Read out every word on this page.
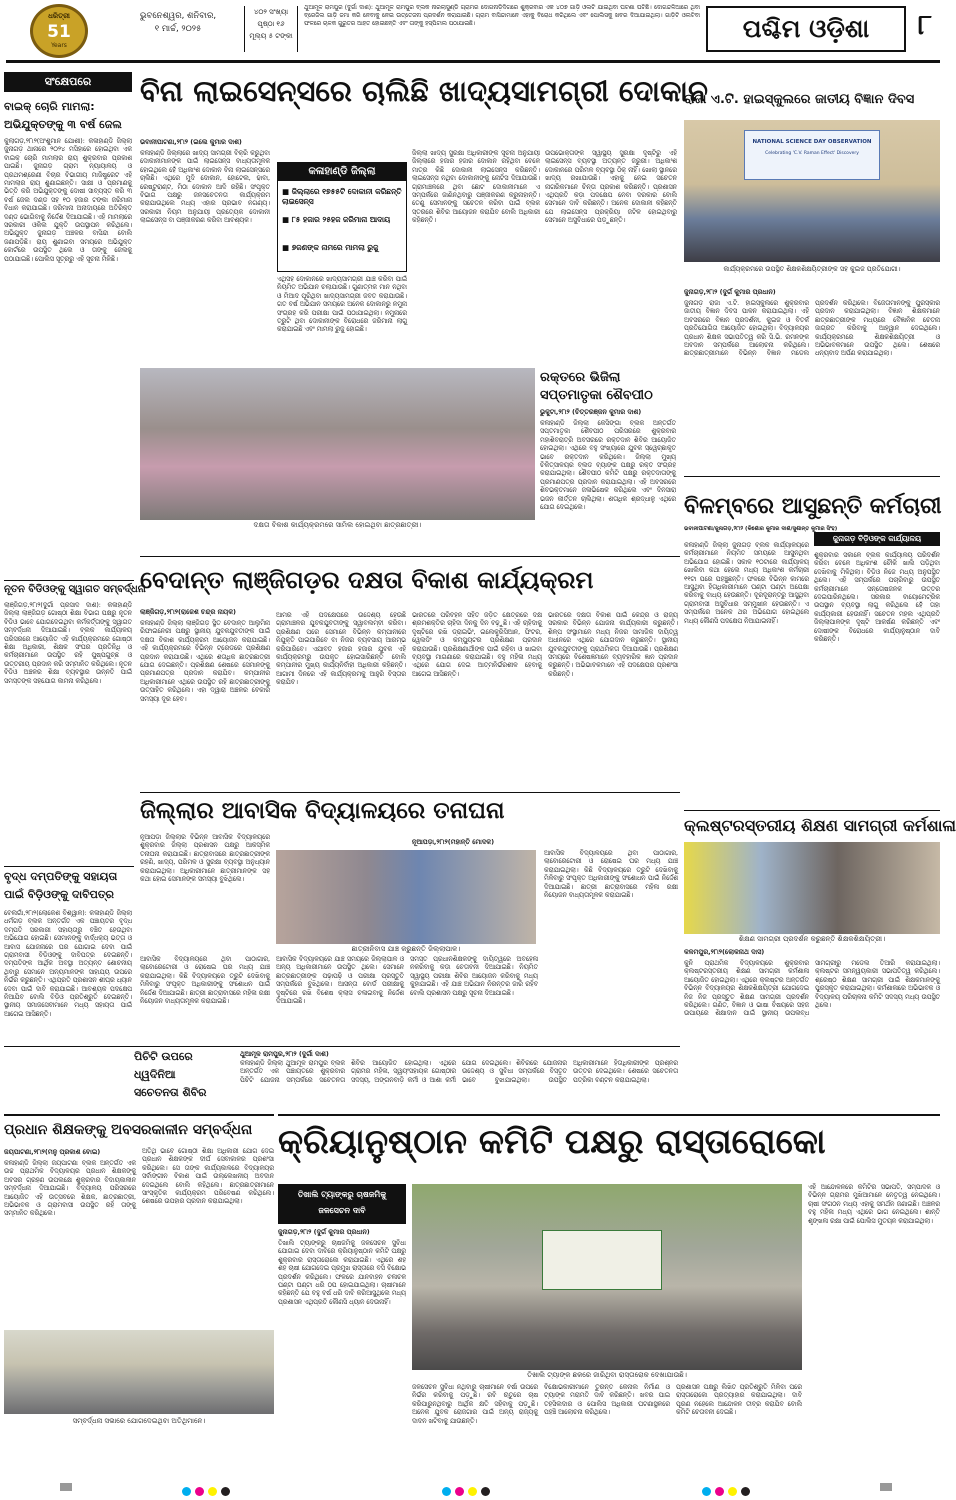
ଧରିତ୍ରୀ
51
Years
ଭୁବନେଶ୍ୱର, ଶନିବାର,
୧ ମାର୍ଚ୍ଚ, ୨୦୨୫
୪୦୨ ସଂଖ୍ୟା
ପୃଷ୍ଠା ୧୬
ମୂଲ୍ୟ ୫ ଟଙ୍କା
ଥୁଆମୂଳ ରାମପୁର (ଦୁର୍ଗା ଦାଶ): ଥୁଆମୂଳ ରାମପୁର ବ୍ଲକ ନାରଲାସୁଣ୍ଡି ଗ୍ରାମର ଦୋଗନାଡ଼ିଦିଗରେ ଶୁକ୍ରବାର ଏକ ୪୦୭ ଗାଡ଼ି ଓଲଟି ଯାଇଥିବା ଘଟଣା ଘଟିଛି। ଦୋଗନ୍ଦଳିଆରେ ଥିବା ବ୍ରେଜିଲ ଗାଡ଼ି ଜମା କରି ନେବାକୁ ନେଇ ଉତ୍ତେଜନା ପ୍ରଦର୍ଶନ କରାଯାଇଛି। ଗ୍ରାମ ବାସିନ୍ଦାମାନେ ଏହାକୁ ବିରୋଧ କରିଥିଲେ ଏବଂ ପୋଲିସକୁ ଖବର ଦିଆଯାଇଥିଲା। ଗାଡ଼ିଟି ଓଲଟିବା ଫଳରେ ଚାଳକ ଗୁରୁତର ଆହତ ହୋଇଛନ୍ତି ଏବଂ ତାଙ୍କୁ ହସ୍ପିଟାଲ ପଠାଯାଇଛି।	ପଶ୍ଚିମ ଓଡ଼ିଶା	୮
ସଂକ୍ଷେପରେ
ବାଇକ୍ ଚୋରି ମାମଲା:
ଅଭିଯୁକ୍ତଙ୍କୁ ୩ ବର୍ଷ ଜେଲ
କୁଲାଗଡ଼,୨୮ା୨(ଅଂଶୁମାନ ଯୋଶୀ): କଳାହାଣ୍ଡି ଜିଲ୍ଲା ଜୁନାଗଡ଼ ଥାନାରେ ୨୦୨୪ ମସିହାରେ ହୋଇଥିବା ଏକ ବାଇକ୍ ଚୋରି ମାମଲାର ରାୟ ଶୁକ୍ରବାର ପ୍ରକାଶ ପାଇଛି। ଜୁନାଗଡ଼ ଗ୍ରାମ ନ୍ୟାୟାଳୟ ଓ ପ୍ରଥମଶ୍ରେଣୀ ବିଚାର ବିଭାଗୀୟ ମାଜିଷ୍ଟ୍ରେଟ ଏହି ମାମଲାର ରାୟ ଶୁଣାଇଛନ୍ତି। ସାକ୍ଷୀ ଓ ପ୍ରମାଣକୁ ଭିତ୍ତି କରି ଅଭିଯୁକ୍ତଙ୍କୁ ଦୋଷୀ ସାବ୍ୟସ୍ତ କରି ୩ ବର୍ଷ ଜେଲ ଦଣ୍ଡ ସହ ୧୦ ହଜାର ଟଙ୍କା ଜରିମାନା ବିଧାନ କରାଯାଇଛି। ଜରିମାନା ଅନାଦାୟରେ ଅତିରିକ୍ତ ଦଣ୍ଡ ଭୋଗିବାକୁ ନିର୍ଦ୍ଦେଶ ଦିଆଯାଇଛି। ଏହି ମାମଲାରେ ସରକାରୀ ଓକିଲ ଯୁକ୍ତି ଉପସ୍ଥାପନ କରିଥିଲେ। ଅଭିଯୁକ୍ତ ଜୁନାଗଡ଼ ଅଞ୍ଚଳର ବାସିନ୍ଦା ବୋଲି ଜଣାପଡ଼ିଛି। ରାୟ ଶୁଣାଇବା ସମୟରେ ଅଭିଯୁକ୍ତ କୋର୍ଟରେ ଉପସ୍ଥିତ ଥିଲେ ଓ ତାଙ୍କୁ ଜେଲକୁ ପଠାଯାଇଛି। ପୋଲିସ ସୂତ୍ରରୁ ଏହି ସୂଚନା ମିଳିଛି।
ନୂତନ ବିଡିଓଙ୍କୁ ସ୍ୱାଗତ ସମ୍ବର୍ଦ୍ଧନା
ଲାଞ୍ଜିଗଡ଼,୨୮ା୨(ଦୁର୍ଗା ପ୍ରସାଦ ଦାଶ): କଳାହାଣ୍ଡି ଜିଲ୍ଲା ଲାଞ୍ଜିଗଡ଼ ଗୋଷ୍ଠୀ ଶିକ୍ଷା ବିଭାଗ ପକ୍ଷରୁ ନୂତନ ବିଡିଓ ଭାବେ ଯୋଗଦେଇଥିବା କର୍ମକର୍ତ୍ତାଙ୍କୁ ସ୍ୱାଗତ ସମ୍ବର୍ଦ୍ଧନା ଦିଆଯାଇଛି। ବ୍ଲକ କାର୍ଯ୍ୟାଳୟ ପରିସରରେ ଆୟୋଜିତ ଏହି କାର୍ଯ୍ୟକ୍ରମରେ ଗୋଷ୍ଠୀ ଶିକ୍ଷା ଅଧିକାରୀ, ଶିକ୍ଷକ ସଂଘର ପ୍ରତିନିଧି ଓ କର୍ମଚାରୀମାନେ ଉପସ୍ଥିତ ରହି ପୁଷ୍ପଗୁଚ୍ଛ ଓ ଉତ୍ତରୀୟ ପ୍ରଦାନ କରି ସମ୍ମାନିତ କରିଥିଲେ। ନୂତନ ବିଡିଓ ଅଞ୍ଚଳର ଶିକ୍ଷା ବ୍ୟବସ୍ଥାର ଉନ୍ନତି ପାଇଁ ସମସ୍ତଙ୍କ ସହଯୋଗ କାମନା କରିଥିଲେ।
ବୃଦ୍ଧ ଦମ୍ପତିଙ୍କୁ ସହାୟତା
ପାଇଁ ବିଡ଼ିଓଙ୍କୁ ଦାବିପତ୍ର
ବେଲଗାଁ,୨୮ା୨(ଲୋକେଶ ବିଶ୍ୱାଳ): କଳାହାଣ୍ଡି ଜିଲ୍ଲା ଧର୍ମଗଡ଼ ବ୍ଲକ ଅନ୍ତର୍ଗତ ଏକ ପଞ୍ଚାୟତର ବୃଦ୍ଧ ଦମ୍ପତି ସରକାରୀ ସହାୟତାରୁ ବଞ୍ଚିତ ହେଉଥିବା ଅଭିଯୋଗ ହୋଇଛି। ସେମାନଙ୍କୁ ବାର୍ଦ୍ଧକ୍ୟ ଭତ୍ତା ଓ ଆବାସ ଯୋଜନାରେ ଘର ଯୋଗାଇ ଦେବା ପାଇଁ ଗ୍ରାମବାସୀ ବିଡ଼ିଓଙ୍କୁ ଦାବିପତ୍ର ଦେଇଛନ୍ତି। ଦମ୍ପତିଙ୍କ ଆର୍ଥିକ ଅବସ୍ଥା ଅତ୍ୟନ୍ତ ଶୋଚନୀୟ ଥିବାରୁ ସେମାନେ ଅନ୍ୟମାନଙ୍କ ସାହାଯ୍ୟ ଉପରେ ନିର୍ଭର କରୁଛନ୍ତି। ଏଥିପ୍ରତି ପ୍ରଶାସନ ଶୀଘ୍ର ଧ୍ୟାନ ଦେବା ପାଇଁ ଦାବି କରାଯାଇଛି। ଆବଶ୍ୟକ ପଦକ୍ଷେପ ନିଆଯିବ ବୋଲି ବିଡ଼ିଓ ପ୍ରତିଶ୍ରୁତି ଦେଇଛନ୍ତି। ସ୍ଥାନୀୟ ସମାଜସେବୀମାନେ ମଧ୍ୟ ସହାୟତା ପାଇଁ ଆଗେଇ ଆସିଛନ୍ତି।
ବିନା ଲାଇସେନ୍ସରେ ଚାଲିଛି ଖାଦ୍ୟସାମଗ୍ରୀ ଦୋକାନ
ଭବାନୀପାଟଣା,୨୮ା୨ (ଇଲେ କୁମାର ଦାଶ)
କଳାହାଣ୍ଡି ଜିଲ୍ଲାରେ ଖାଦ୍ୟ ସାମଗ୍ରୀ ବିକ୍ରି କରୁଥିବା ଦୋକାନୀମାନଙ୍କ ପାଇଁ ଲାଇସେନ୍ସ ବାଧ୍ୟତାମୂଳକ ହୋଇଥିଲେ ହେଁ ଅଧିକାଂଶ ଦୋକାନ ବିନା ଲାଇସେନ୍ସରେ ଚାଲିଛି। ଏଥିରେ ମୁଦି ଦୋକାନ, ହୋଟେଲ, ଢାବା, ରେଷ୍ଟୁରାଣ୍ଟ, ମିଠା ଦୋକାନ ଆଦି ରହିଛି। ସଂପୃକ୍ତ ବିଭାଗ ପକ୍ଷରୁ ଜନସଚେତନତା କାର୍ଯ୍ୟକ୍ରମ କରାଯାଉଥିଲେ ମଧ୍ୟ ଏହାର ପ୍ରଭାବ ନଗଣ୍ୟ। ସରକାରୀ ନିୟମ ଅନୁଯାୟୀ ପ୍ରତ୍ୟେକ ଦୋକାନୀ ଲାଇସେନ୍ସ ବା ପଞ୍ଜୀକରଣ କରିବା ଆବଶ୍ୟକ।
କଳାହାଣ୍ଡି ଜିଲ୍ଲା
■ ଜିଲ୍ଲାରେ ୧୭୫୫ଟି ଦୋକାନୀ କରିଛନ୍ତି ଲାଇସେନ୍ସ
■ ୮୫ ହଜାର ୨୫ହଜ ଜରିମାନା ଆଦାୟ
■ ୭ଜଣଙ୍କ ନାମରେ ମାମଲା ରୁଜୁ
ଏଥିସହ ଦୋକାନରେ ଖାଦ୍ୟସାମଗ୍ରୀ ଯାଞ୍ଚ କରିବା ପାଇଁ ନିୟମିତ ଅଭିଯାନ ଚଲାଯାଉଛି। ଗୁଣାତ୍ମକ ମାନ ନଥିବା ଓ ମିଆଦ ପୂରିଥିବା ଖାଦ୍ୟସାମଗ୍ରୀ ଜବତ କରାଯାଉଛି। ଗତ ବର୍ଷ ଅଭିଯାନ ସମୟରେ ଅନେକ ଦୋକାନରୁ ନମୁନା ସଂଗ୍ରହ କରି ପରୀକ୍ଷା ପାଇଁ ପଠାଯାଇଥିଲା। ନମୁନାରେ ତ୍ରୁଟି ଥିବା ଦୋକାନୀଙ୍କ ବିରୋଧରେ ଜରିମାନା ଲାଗୁ କରାଯାଇଛି ଏବଂ ମାମଲା ରୁଜୁ ହୋଇଛି।
ଜିଲ୍ଲା ଖାଦ୍ୟ ସୁରକ୍ଷା ଅଧିକାରୀଙ୍କ ସୂଚନା ଅନୁଯାୟୀ ଜିଲ୍ଲାରେ ହଜାର ହଜାର ଦୋକାନ ରହିଥିବା ବେଳେ ମାତ୍ର କିଛି ଦୋକାନୀ ଲାଇସେନ୍ସ କରିଛନ୍ତି। ଲାଇସେନ୍ସ ନଥିବା ଦୋକାନୀଙ୍କୁ ନୋଟିସ ଦିଆଯାଉଛି। ଗ୍ରାମାଞ୍ଚଳରେ ଥିବା ଛୋଟ ଦୋକାନୀମାନେ ଏ ସମ୍ପର୍କରେ ଜାଣିନଥିବାରୁ ପଞ୍ଜୀକରଣ କରୁନାହାନ୍ତି। ତେଣୁ ସେମାନଙ୍କୁ ସଚେତନ କରିବା ପାଇଁ ବ୍ଲକ ସ୍ତରରେ ଶିବିର ଆୟୋଜନ କରାଯିବ ବୋଲି ଅଧିକାରୀ କହିଛନ୍ତି।
ଉପଭୋକ୍ତାଙ୍କ ସ୍ୱାସ୍ଥ୍ୟ ସୁରକ୍ଷା ଦୃଷ୍ଟିରୁ ଏହି ଲାଇସେନ୍ସ ବ୍ୟବସ୍ଥା ଅତ୍ୟନ୍ତ ଜରୁରୀ। ଅଧିକାଂଶ ଦୋକାନରେ ପରିମଳ ବ୍ୟବସ୍ଥା ଠିକ୍ ନାହିଁ। ଖୋଲା ସ୍ଥାନରେ ଖାଦ୍ୟ ରଖାଯାଉଛି। ଏହାକୁ ନେଇ ସଚେତନ ନାଗରିକମାନେ ଚିନ୍ତା ପ୍ରକାଶ କରିଛନ୍ତି। ପ୍ରଶାସନ ଏଥିପ୍ରତି କଡ଼ା ପଦକ୍ଷେପ ନେବା ଦରକାର ବୋଲି ସେମାନେ ଦାବି କରିଛନ୍ତି। ଅନେକ ଦୋକାନୀ କହିଛନ୍ତି ଯେ ଲାଇସେନ୍ସ ପ୍ରକ୍ରିୟା ଜଟିଳ ହୋଇଥିବାରୁ ସେମାନେ ଅସୁବିଧାରେ ପଡ଼ୁଛନ୍ତି।
ଦକ୍ଷତା ବିକାଶ କାର୍ଯ୍ୟକ୍ରମରେ ସାମିଲ ହୋଇଥିବା ଛାତ୍ରଛାତ୍ରୀ।
ରକ୍ତରେ ଭିଜିଲା
ସପ୍ତମାତୃକା ଶୈବପୀଠ
ଭୁକୁଟା,୨୮ା୨ (ଚିତ୍ତରଞ୍ଜନ କୁମାର ଦାଶ)
କଳାହାଣ୍ଡି ଜିଲ୍ଲା କେସିଙ୍ଗା ବ୍ଲକ ଅନ୍ତର୍ଗତ ସପ୍ତମାତୃକା ଶୈବପୀଠ ପରିସରରେ ଶୁକ୍ରବାର ମହାଶିବରାତ୍ରି ଅବସରରେ ରକ୍ତଦାନ ଶିବିର ଆୟୋଜିତ ହୋଇଥିଲା। ଏଥିରେ ବହୁ ସଂଖ୍ୟାରେ ଯୁବକ ସ୍ୱେଚ୍ଛାକୃତ ଭାବେ ରକ୍ତଦାନ କରିଥିଲେ। ଜିଲ୍ଲା ମୁଖ୍ୟ ଚିକିତ୍ସାଳୟର ବ୍ଲଡ ବ୍ୟାଙ୍କ ପକ୍ଷରୁ ରକ୍ତ ସଂଗ୍ରହ କରାଯାଇଥିଲା। ଶୈବପୀଠ କମିଟି ପକ୍ଷରୁ ରକ୍ତଦାତାଙ୍କୁ ପ୍ରମାଣପତ୍ର ପ୍ରଦାନ କରାଯାଇଥିଲା। ଏହି ଅବସରରେ ଶିବଭକ୍ତମାନେ ଜଳାଭିଷେକ କରିଥିଲେ ଏବଂ ଦିନସାରା ଭଜନ କୀର୍ତ୍ତନ ଚାଲିଥିଲା। ଶତାଧିକ ଶ୍ରଦ୍ଧାଳୁ ଏଥିରେ ଯୋଗ ଦେଇଥିଲେ।
ରାଜା ଏ.ଟି. ହାଇସ୍କୁଲରେ ଜାତୀୟ ବିଜ୍ଞାନ ଦିବସ
NATIONAL SCIENCE DAY OBSERVATION
Celebrating 'C.V. Raman Effect' Discovery
କାର୍ଯ୍ୟକ୍ରମରେ ଉପସ୍ଥିତ ଶିକ୍ଷକଶିକ୍ଷୟିତ୍ରୀଙ୍କ ସହ କୁଇଜ ପ୍ରତିଯୋଗୀ।
ଜୁନାଗଡ଼,୨୮ା୨ (ଦୁର୍ଗ କୁମାର ପ୍ରଧାନ)
ଜୁନାଗଡ଼ ରାଜା ଏ.ଟି. ହାଇସ୍କୁଲରେ ଶୁକ୍ରବାର ଜାତୀୟ ବିଜ୍ଞାନ ଦିବସ ପାଳନ କରାଯାଇଥିଲା। ଏହି ଅବସରରେ ବିଜ୍ଞାନ ପ୍ରଦର୍ଶନୀ, କୁଇଜ ଓ ବିତର୍କ ପ୍ରତିଯୋଗିତା ଆୟୋଜିତ ହୋଇଥିଲା। ବିଦ୍ୟାଳୟର ପ୍ରଧାନ ଶିକ୍ଷକ ସଭାପତିତ୍ୱ କରି ସି.ଭି. ରମନଙ୍କ ଅବଦାନ ସମ୍ପର୍କରେ ଆଲୋଚନା କରିଥିଲେ। ଛାତ୍ରଛାତ୍ରୀମାନେ ବିଭିନ୍ନ ବିଜ୍ଞାନ ମଡେଲ ପ୍ରଦର୍ଶନ କରିଥିଲେ। ବିଜେତାମାନଙ୍କୁ ପୁରସ୍କାର ପ୍ରଦାନ କରାଯାଇଥିଲା। ବିଜ୍ଞାନ ଶିକ୍ଷକମାନେ ଛାତ୍ରଛାତ୍ରୀଙ୍କ ମଧ୍ୟରେ ବୈଜ୍ଞାନିକ ଚେତନା ଜାଗ୍ରତ କରିବାକୁ ଆହ୍ୱାନ ଦେଇଥିଲେ। କାର୍ଯ୍ୟକ୍ରମରେ ଶିକ୍ଷକଶିକ୍ଷୟିତ୍ରୀ ଓ ଅଭିଭାବକମାନେ ଉପସ୍ଥିତ ଥିଲେ। ଶେଷରେ ଧନ୍ୟବାଦ ଅର୍ପଣ କରାଯାଇଥିଲା।
ବିଳମ୍ବରେ ଆସୁଛନ୍ତି କର୍ମଚାରୀ
ଭବାନୀପାଟଣା/ଜୁନାଗଡ଼,୨୮ା୨ (କିଶୋର କୁମାର ଦାଶ/ସୁଶାନ୍ତ କୁମାର ସିଂହ)
ଜୁନାଗଡ଼ ବିଡ଼ିଓଙ୍କ କାର୍ଯ୍ୟାଳୟ
କଳାହାଣ୍ଡି ଜିଲ୍ଲା ଜୁନାଗଡ଼ ବ୍ଲକ କାର୍ଯ୍ୟାଳୟରେ କର୍ମଚାରୀମାନେ ନିୟମିତ ସମୟରେ ଆସୁନଥିବା ଅଭିଯୋଗ ହୋଇଛି। ସକାଳ ୧୦ଟାରେ କାର୍ଯ୍ୟାଳୟ ଖୋଲିବା କଥା ହେଲେ ମଧ୍ୟ ଅଧିକାଂଶ କର୍ମଚାରୀ ୧୧ଟା ପରେ ପହଞ୍ଚୁଛନ୍ତି। ଫଳରେ ବିଭିନ୍ନ କାମରେ ଆସୁଥିବା ହିତାଧିକାରୀମାନେ ଘଣ୍ଟା ଘଣ୍ଟା ଅପେକ୍ଷା କରିବାକୁ ବାଧ୍ୟ ହେଉଛନ୍ତି। ଦୂରଦୂରାନ୍ତରୁ ଆସୁଥିବା ଗ୍ରାମବାସୀ ଅସୁବିଧାର ସମ୍ମୁଖୀନ ହେଉଛନ୍ତି। ଏ ସମ୍ପର୍କରେ ଅନେକ ଥର ଅଭିଯୋଗ ହୋଇଥିଲେ ମଧ୍ୟ କୌଣସି ପଦକ୍ଷେପ ନିଆଯାଇନାହିଁ।
ଶୁକ୍ରବାର ସକାଳେ ବ୍ଲକ କାର୍ଯ୍ୟାଳୟ ପରିଦର୍ଶନ କରିବା ବେଳେ ଅଧିକାଂଶ ଚୌକି ଖାଲି ପଡ଼ିଥିବା ଦେଖିବାକୁ ମିଳିଥିଲା। ବିଡ଼ିଓ ନିଜେ ମଧ୍ୟ ଅନୁପସ୍ଥିତ ଥିଲେ। ଏହି ସମ୍ପର୍କରେ ପଚାରିବାରୁ ଉପସ୍ଥିତ କର୍ମଚାରୀମାନେ ସନ୍ତୋଷଜନକ ଉତ୍ତର ଦେଇପାରିନଥିଲେ। ସରକାର ବାୟୋମେଟ୍ରିକ ଉପସ୍ଥାନ ବ୍ୟବସ୍ଥା ଲାଗୁ କରିଥିଲେ ହେଁ ତାହା କାର୍ଯ୍ୟକାରୀ ହେଉନାହିଁ। ସଚେତନ ମହଲ ଏଥିପ୍ରତି ଜିଲ୍ଲାପାଳଙ୍କ ଦୃଷ୍ଟି ଆକର୍ଷଣ କରିଛନ୍ତି ଏବଂ ଦୋଷୀଙ୍କ ବିରୋଧରେ କାର୍ଯ୍ୟାନୁଷ୍ଠାନ ଦାବି କରିଛନ୍ତି।
ବେଦାନ୍ତ ଲାଞ୍ଜିଗଡ଼ର ଦକ୍ଷତା ବିକାଶ କାର୍ଯ୍ୟକ୍ରମ
ଲାଞ୍ଜିଗଡ଼,୨୮ା୨(ରାଜେଶ ଚନ୍ଦ୍ର ନାୟକ)
କଳାହାଣ୍ଡି ଜିଲ୍ଲା ଲାଞ୍ଜିଗଡ଼ ସ୍ଥିତ ବେଦାନ୍ତ ଆଲୁମିନା ରିଫାଇନେରୀ ପକ୍ଷରୁ ସ୍ଥାନୀୟ ଯୁବକଯୁବତୀଙ୍କ ପାଇଁ ଦକ୍ଷତା ବିକାଶ କାର୍ଯ୍ୟକ୍ରମ ଆୟୋଜନ କରାଯାଇଛି। ଏହି କାର୍ଯ୍ୟକ୍ରମରେ ବିଭିନ୍ନ ଟ୍ରେଡରେ ପ୍ରଶିକ୍ଷଣ ପ୍ରଦାନ କରାଯାଉଛି। ଏଥିରେ ଶତାଧିକ ଛାତ୍ରଛାତ୍ରୀ ଯୋଗ ଦେଇଛନ୍ତି। ପ୍ରଶିକ୍ଷଣ ଶେଷରେ ସେମାନଙ୍କୁ ପ୍ରମାଣପତ୍ର ପ୍ରଦାନ କରାଯିବ। କମ୍ପାନୀର ଅଧିକାରୀମାନେ ଏଥିରେ ଉପସ୍ଥିତ ରହି ଛାତ୍ରଛାତ୍ରୀଙ୍କୁ ଉତ୍ସାହିତ କରିଥିଲେ। ଏହା ଦ୍ୱାରା ଅଞ୍ଚଳର ବେକାରି ସମସ୍ୟା ଦୂର ହେବ।
ଆମର ଏହି ପଦକ୍ଷେପରେ ଉଦ୍ଦେଶ୍ୟ ହେଉଛି ଗ୍ରାମାଞ୍ଚଳର ଯୁବକଯୁବତୀଙ୍କୁ ସ୍ୱାବଲମ୍ବୀ କରିବା। ପ୍ରଶିକ୍ଷଣ ପରେ ସେମାନେ ବିଭିନ୍ନ କମ୍ପାନୀରେ ନିଯୁକ୍ତି ପାଇପାରିବେ ବା ନିଜର ବ୍ୟବସାୟ ଆରମ୍ଭ କରିପାରିବେ। ଏଯାବତ ହଜାର ହଜାର ଯୁବକ ଏହି କାର୍ଯ୍ୟକ୍ରମରୁ ଉପକୃତ ହୋଇସାରିଛନ୍ତି ବୋଲି କମ୍ପାନୀର ମୁଖ୍ୟ କାର୍ଯ୍ୟନିର୍ବାହୀ ଅଧିକାରୀ କହିଛନ୍ତି। ଆଗାମୀ ଦିନରେ ଏହି କାର୍ଯ୍ୟକ୍ରମକୁ ଆହୁରି ବିସ୍ତାର କରାଯିବ।
ଭାରତରେ ପରିବହନ ସହିତ ଜଡ଼ିତ କ୍ଷେତ୍ରରେ ଦକ୍ଷ ଶ୍ରମଶକ୍ତିର ଚାହିଦା ଦିନକୁ ଦିନ ବଢ଼ୁଛି। ଏହି ଚାହିଦାକୁ ଦୃଷ୍ଟିରେ ରଖି ଡ୍ରାଇଭିଂ, ଇଲେକ୍ଟ୍ରିସିଆନ, ଫିଟର, ୱେଲଡିଂ ଓ କମ୍ପ୍ୟୁଟର ପ୍ରଶିକ୍ଷଣ ପ୍ରଦାନ କରାଯାଉଛି। ପ୍ରଶିକ୍ଷଣାର୍ଥୀଙ୍କ ପାଇଁ ରହିବା ଓ ଖାଇବା ବ୍ୟବସ୍ଥା ମାଗଣାରେ କରାଯାଇଛି। ବହୁ ମହିଳା ମଧ୍ୟ ଏଥିରେ ଯୋଗ ଦେଇ ଆତ୍ମନିର୍ଭରଶୀଳ ହେବାକୁ ଆଗେଇ ଆସିଛନ୍ତି।
ଭାରତରେ ଦକ୍ଷତା ବିକାଶ ପାଇଁ କେନ୍ଦ୍ର ଓ ରାଜ୍ୟ ସରକାର ବିଭିନ୍ନ ଯୋଜନା କାର୍ଯ୍ୟକାରୀ କରୁଛନ୍ତି। ଶିଳ୍ପ ସଂସ୍ଥାମାନେ ମଧ୍ୟ ନିଜର ସାମାଜିକ ଦାୟିତ୍ୱ ଅଧୀନରେ ଏଥିରେ ଯୋଗଦାନ କରୁଛନ୍ତି। ସ୍ଥାନୀୟ ଯୁବକଯୁବତୀଙ୍କୁ ପ୍ରାଥମିକତା ଦିଆଯାଉଛି। ପ୍ରଶିକ୍ଷଣ ସମୟରେ ବିଶେଷଜ୍ଞମାନେ ବ୍ୟବହାରିକ ଜ୍ଞାନ ପ୍ରଦାନ କରୁଛନ୍ତି। ଅଭିଭାବକମାନେ ଏହି ପଦକ୍ଷେପର ପ୍ରଶଂସା କରିଛନ୍ତି।
ଜିଲ୍ଲାର ଆବାସିକ ବିଦ୍ୟାଳୟରେ ତନାଘନା
ନୂଆପଡ଼ା,୨୮ା୨(ମହାନ୍ତି ମୋଦକ)
ନୂଆପଡ଼ା ଜିଲ୍ଲାର ବିଭିନ୍ନ ଆବାସିକ ବିଦ୍ୟାଳୟରେ ଶୁକ୍ରବାର ଜିଲ୍ଲା ପ୍ରଶାସନ ପକ୍ଷରୁ ଆକସ୍ମିକ ତନାଘନା କରାଯାଇଛି। ଛାତ୍ରାବାସରେ ଛାତ୍ରଛାତ୍ରୀଙ୍କ ରହଣି, ଖାଦ୍ୟ, ପରିମଳ ଓ ସୁରକ୍ଷା ବ୍ୟବସ୍ଥା ଅନୁଧ୍ୟାନ କରାଯାଇଥିଲା। ଅଧିକାରୀମାନେ ଛାତ୍ରୀମାନଙ୍କ ସହ କଥା ହୋଇ ସେମାନଙ୍କ ସମସ୍ୟା ବୁଝିଥିଲେ।
ଛାତ୍ରୀନିବାସ ଯାଞ୍ଚ କରୁଛନ୍ତି ଜିଲ୍ଲାପାଳ।
ଆବାସିକ ବିଦ୍ୟାଳୟରେ ଥିବା ପାଠାଗାର, ଲାବୋରେଟୋରୀ ଓ ରୋଷେଇ ଘର ମଧ୍ୟ ଯାଞ୍ଚ କରାଯାଇଥିଲା। କିଛି ବିଦ୍ୟାଳୟରେ ତ୍ରୁଟି ଦେଖିବାକୁ ମିଳିବାରୁ ସଂପୃକ୍ତ ଅଧିକାରୀଙ୍କୁ ସଂଶୋଧନ ପାଇଁ ନିର୍ଦ୍ଦେଶ ଦିଆଯାଇଛି। ଛାତ୍ରୀ ଛାତ୍ରାବାସରେ ମହିଳା ରକ୍ଷୀ ନିୟୋଜନ ବାଧ୍ୟତାମୂଳକ କରାଯାଇଛି।
ଆବାସିକ ବିଦ୍ୟାଳୟରେ ଯାଞ୍ଚ ସମୟରେ ଜିଲ୍ଲାପାଳ ଓ ଅନ୍ୟ ଅଧିକାରୀମାନେ ଉପସ୍ଥିତ ଥିଲେ। ସେମାନେ ଛାତ୍ରଛାତ୍ରୀଙ୍କ ପଢ଼ାପଢ଼ି ଓ ପରୀକ୍ଷା ପ୍ରସ୍ତୁତି ସମ୍ପର୍କରେ ବୁଝିଥିଲେ। ଆସନ୍ତା ବୋର୍ଡ ପରୀକ୍ଷାକୁ ଦୃଷ୍ଟିରେ ରଖି ବିଶେଷ କ୍ଲାସ ଚଳାଇବାକୁ ନିର୍ଦ୍ଦେଶ ଦିଆଯାଇଛି।
ସମସ୍ତ ପ୍ରଧାନଶିକ୍ଷକଙ୍କୁ ଦାୟିତ୍ୱରେ ଅବହେଳା ନକରିବାକୁ କଡ଼ା ଚେତାବନୀ ଦିଆଯାଇଛି। ନିୟମିତ ସ୍ୱାସ୍ଥ୍ୟ ପରୀକ୍ଷା ଶିବିର ଆୟୋଜନ କରିବାକୁ ମଧ୍ୟ କୁହାଯାଇଛି। ଏହି ଯାଞ୍ଚ ଅଭିଯାନ ନିରନ୍ତର ଜାରି ରହିବ ବୋଲି ପ୍ରଶାସନ ପକ୍ଷରୁ ସୂଚନା ଦିଆଯାଇଛି।
ଆବାସିକ ବିଦ୍ୟାଳୟରେ ଥିବା ପାଠାଗାର, ଲାବୋରେଟୋରୀ ଓ ରୋଷେଇ ଘର ମଧ୍ୟ ଯାଞ୍ଚ କରାଯାଇଥିଲା। କିଛି ବିଦ୍ୟାଳୟରେ ତ୍ରୁଟି ଦେଖିବାକୁ ମିଳିବାରୁ ସଂପୃକ୍ତ ଅଧିକାରୀଙ୍କୁ ସଂଶୋଧନ ପାଇଁ ନିର୍ଦ୍ଦେଶ ଦିଆଯାଇଛି। ଛାତ୍ରୀ ଛାତ୍ରାବାସରେ ମହିଳା ରକ୍ଷୀ ନିୟୋଜନ ବାଧ୍ୟତାମୂଳକ କରାଯାଇଛି।
କ୍ଲଷ୍ଟରସ୍ତରୀୟ ଶିକ୍ଷଣ ସାମଗ୍ରୀ କର୍ମଶାଳା
ଶିକ୍ଷଣ ସାମଗ୍ରୀ ପ୍ରଦର୍ଶନ କରୁଛନ୍ତି ଶିକ୍ଷକଶିକ୍ଷୟିତ୍ରୀ।
କଳମପୁର,୨୮ା୨(ଲୋକନାଥ ଦାସ)
କୁନି ପ୍ରାଥମିକ ବିଦ୍ୟାଳୟରେ ଶୁକ୍ରବାର କ୍ଲଷ୍ଟରସ୍ତରୀୟ ଶିକ୍ଷଣ ସାମଗ୍ରୀ କର୍ମଶାଳା ଆୟୋଜିତ ହୋଇଥିଲା। ଏଥିରେ କ୍ଲଷ୍ଟର ଅନ୍ତର୍ଗତ ବିଭିନ୍ନ ବିଦ୍ୟାଳୟର ଶିକ୍ଷକଶିକ୍ଷୟିତ୍ରୀ ଯୋଗଦେଇ ନିଜ ନିଜ ପ୍ରସ୍ତୁତ ଶିକ୍ଷଣ ସାମଗ୍ରୀ ପ୍ରଦର୍ଶନ କରିଥିଲେ। ଗଣିତ, ବିଜ୍ଞାନ ଓ ଭାଷା ବିଷୟରେ ସହଜ ଉପାୟରେ ଶିକ୍ଷାଦାନ ପାଇଁ ସ୍ଥାନୀୟ ଉପଲବ୍ଧ ସାମଗ୍ରୀରୁ ମଡେଲ ତିଆରି କରାଯାଇଥିଲା। କ୍ଲଷ୍ଟର ସମନ୍ୱୟକାରୀ ସଭାପତିତ୍ୱ କରିଥିଲେ। ଶ୍ରେଷ୍ଠ ଶିକ୍ଷଣ ସାମଗ୍ରୀ ପାଇଁ ଶିକ୍ଷକମାନଙ୍କୁ ପୁରସ୍କୃତ କରାଯାଇଥିଲା। କର୍ମଶାଳାରେ ଅଭିଭାବକ ଓ ବିଦ୍ୟାଳୟ ପରିଚାଳନା କମିଟି ସଦସ୍ୟ ମଧ୍ୟ ଉପସ୍ଥିତ ଥିଲେ।
ପିଚିଟି ଉପରେ
ଧ୍ୱଦିନିଆ
ସଚେତନତା ଶିବିର
ଥୁଆମୂଳ ରାମପୁର,୨୮ା୨ (ଦୁର୍ଗା ଦାଶ)
କଳାହାଣ୍ଡି ଜିଲ୍ଲା ଥୁଆମୂଳ ରାମପୁର ବ୍ଲକ ଅନ୍ତର୍ଗତ ଏକ ପଞ୍ଚାୟତରେ ଶୁକ୍ରବାର ପିଚିଟି ଯୋଜନା ସମ୍ପର୍କରେ ସଚେତନତା ଶିବିର ଆୟୋଜିତ ହୋଇଥିଲା। ଏଥିରେ ଗ୍ରାମର ମହିଳା, ସ୍ୱୟଂସହାୟକ ଗୋଷ୍ଠୀର ସଦସ୍ୟ, ଅଙ୍ଗନବାଡ଼ି କର୍ମୀ ଓ ଆଶା କର୍ମୀ ଯୋଗ ଦେଇଥିଲେ। ଶିବିରରେ ଯୋଜନାର ଉଦ୍ଦେଶ୍ୟ ଓ ସୁବିଧା ସମ୍ପର୍କରେ ବିସ୍ତୃତ ଭାବେ ବୁଝାଯାଇଥିଲା। ଉପସ୍ଥିତ ଅଧିକାରୀମାନେ ହିତାଧିକାରୀଙ୍କ ପ୍ରଶ୍ନର ଉତ୍ତର ଦେଇଥିଲେ। ଶେଷରେ ସଚେତନତା ପତ୍ରିକା ବଣ୍ଟନ କରାଯାଇଥିଲା।
ପ୍ରଧାନ ଶିକ୍ଷକଙ୍କୁ ଅବସରକାଳୀନ ସମ୍ବର୍ଦ୍ଧନା
ଜୟପାଟଣା,୨୮ା୨(ମନୁ ପ୍ରକାଶ ବୋଇ)
କଳାହାଣ୍ଡି ଜିଲ୍ଲା ଜୟପାଟଣା ବ୍ଲକ ଅନ୍ତର୍ଗତ ଏକ ଉଚ୍ଚ ପ୍ରାଥମିକ ବିଦ୍ୟାଳୟର ପ୍ରଧାନ ଶିକ୍ଷକଙ୍କୁ ଅବସର ଗ୍ରହଣ ଉପଲକ୍ଷେ ଶୁକ୍ରବାର ବିଦାୟକାଳୀନ ସମ୍ବର୍ଦ୍ଧନା ଦିଆଯାଇଛି। ବିଦ୍ୟାଳୟ ପରିସରରେ ଆୟୋଜିତ ଏହି ଉତ୍ସବରେ ଶିକ୍ଷକ, ଛାତ୍ରଛାତ୍ରୀ, ଅଭିଭାବକ ଓ ଗ୍ରାମବାସୀ ଉପସ୍ଥିତ ରହି ତାଙ୍କୁ ସମ୍ମାନିତ କରିଥିଲେ।
ଅତିଥି ଭାବେ ଗୋଷ୍ଠୀ ଶିକ୍ଷା ଅଧିକାରୀ ଯୋଗ ଦେଇ ପ୍ରଧାନ ଶିକ୍ଷକଙ୍କ ଦୀର୍ଘ ସେବାକାଳର ପ୍ରଶଂସା କରିଥିଲେ। ସେ ତାଙ୍କ କାର୍ଯ୍ୟକାଳରେ ବିଦ୍ୟାଳୟର ସର୍ବାଙ୍ଗୀନ ବିକାଶ ପାଇଁ ଉଲ୍ଲେଖନୀୟ ଅବଦାନ ଦେଇଥିଲେ ବୋଲି କହିଥିଲେ। ଛାତ୍ରଛାତ୍ରୀମାନେ ସାଂସ୍କୃତିକ କାର୍ଯ୍ୟକ୍ରମ ପରିବେଷଣ କରିଥିଲେ। ଶେଷରେ ଉପହାର ପ୍ରଦାନ କରାଯାଇଥିଲା।
ସମ୍ବର୍ଦ୍ଧନା ସଭାରେ ଯୋଗଦେଇଥିବା ଅତିଥିମାନେ।
କ୍ରିୟାନୁଷ୍ଠାନ କମିଟି ପକ୍ଷରୁ ରାସ୍ତାରୋକୋ
ତିଖାଲି ଟ୍ୟାଙ୍କରୁ ଚାଷଜମିକୁ
ଜଳସେଚନ ଦାବି
ଜୁନାଗଡ଼,୨୮ା୨ (ଦୁର୍ଗ କୁମାର ପ୍ରଧାନ)
ତିଖାଲି ଟ୍ୟାଙ୍କରୁ ଚାଷଜମିକୁ ଜଳସେଚନ ସୁବିଧା ଯୋଗାଇ ଦେବା ଦାବିରେ କ୍ରିୟାନୁଷ୍ଠାନ କମିଟି ପକ୍ଷରୁ ଶୁକ୍ରବାର ରାସ୍ତାରୋକୋ କରାଯାଇଛି। ଏଥିରେ ଶହ ଶହ ଚାଷୀ ଯୋଗଦେଇ ପ୍ରମୁଖ ରାସ୍ତାରେ ବସି ବିକ୍ଷୋଭ ପ୍ରଦର୍ଶନ କରିଥିଲେ। ଫଳରେ ଯାନବାହନ ଚଳାଚଳ ଘଣ୍ଟା ଘଣ୍ଟା ଧରି ଠପ ହୋଇଯାଇଥିଲା। ଚାଷୀମାନେ କହିଛନ୍ତି ଯେ ବହୁ ବର୍ଷ ଧରି ଦାବି କରିଆସୁଥିଲେ ମଧ୍ୟ ପ୍ରଶାସନ ଏଥିପ୍ରତି କୌଣସି ଧ୍ୟାନ ଦେଉନାହିଁ।
ତିଖାଲି ଟ୍ୟାଙ୍କ ଛକରେ ଜାରିଥିବା ରାସ୍ତାରୋକ ଦେଖାଯାଉଛି।
ଜଳସେଚନ ସୁବିଧା ନଥିବାରୁ ଚାଷୀମାନେ ବର୍ଷା ଉପରେ ନିର୍ଭର କରିବାକୁ ପଡ଼ୁଛି। ରବି ଋତୁରେ ଚାଷ କରିପାରୁନଥିବାରୁ ଆର୍ଥିକ କ୍ଷତି ସହିବାକୁ ପଡ଼ୁଛି। ଅନେକ ଯୁବକ ରୋଜଗାର ପାଇଁ ଅନ୍ୟ ରାଜ୍ୟକୁ ଦାଦନ ଖଟିବାକୁ ଯାଉଛନ୍ତି।
ବିକ୍ଷୋଭକାରୀମାନେ ତୁରନ୍ତ କେନାଲ ନିର୍ମାଣ ଓ ଟ୍ୟାଙ୍କ ମରାମତି ଦାବି କରିଛନ୍ତି। ଖବର ପାଇ ତହସିଲଦାର ଓ ପୋଲିସ ଅଧିକାରୀ ଘଟଣାସ୍ଥଳରେ ପହଞ୍ଚି ଆଲୋଚନା କରିଥିଲେ।
ପ୍ରଶାସନ ପକ୍ଷରୁ ଲିଖିତ ପ୍ରତିଶ୍ରୁତି ମିଳିବା ପରେ ରାସ୍ତାରୋକୋ ପ୍ରତ୍ୟାହାର କରାଯାଇଥିଲା। ଦାବି ପୂରଣ ନହେଲେ ଆନ୍ଦୋଳନ ତୀବ୍ର କରାଯିବ ବୋଲି କମିଟି ଚେତାବନୀ ଦେଇଛି।
ଏହି ଆନ୍ଦୋଳନରେ କମିଟିର ସଭାପତି, ସମ୍ପାଦକ ଓ ବିଭିନ୍ନ ଗ୍ରାମର ମୁଖିଆମାନେ ନେତୃତ୍ୱ ନେଇଥିଲେ। ଚାଷୀ ସଂଗଠନ ମଧ୍ୟ ଏହାକୁ ସମର୍ଥନ ଜଣାଇଛି। ଅଞ୍ଚଳର ବହୁ ମହିଳା ମଧ୍ୟ ଏଥିରେ ଭାଗ ନେଇଥିଲେ। ଶାନ୍ତି ଶୃଙ୍ଖଳା ରକ୍ଷା ପାଇଁ ପୋଲିସ ମୁତୟନ କରାଯାଇଥିଲା।
